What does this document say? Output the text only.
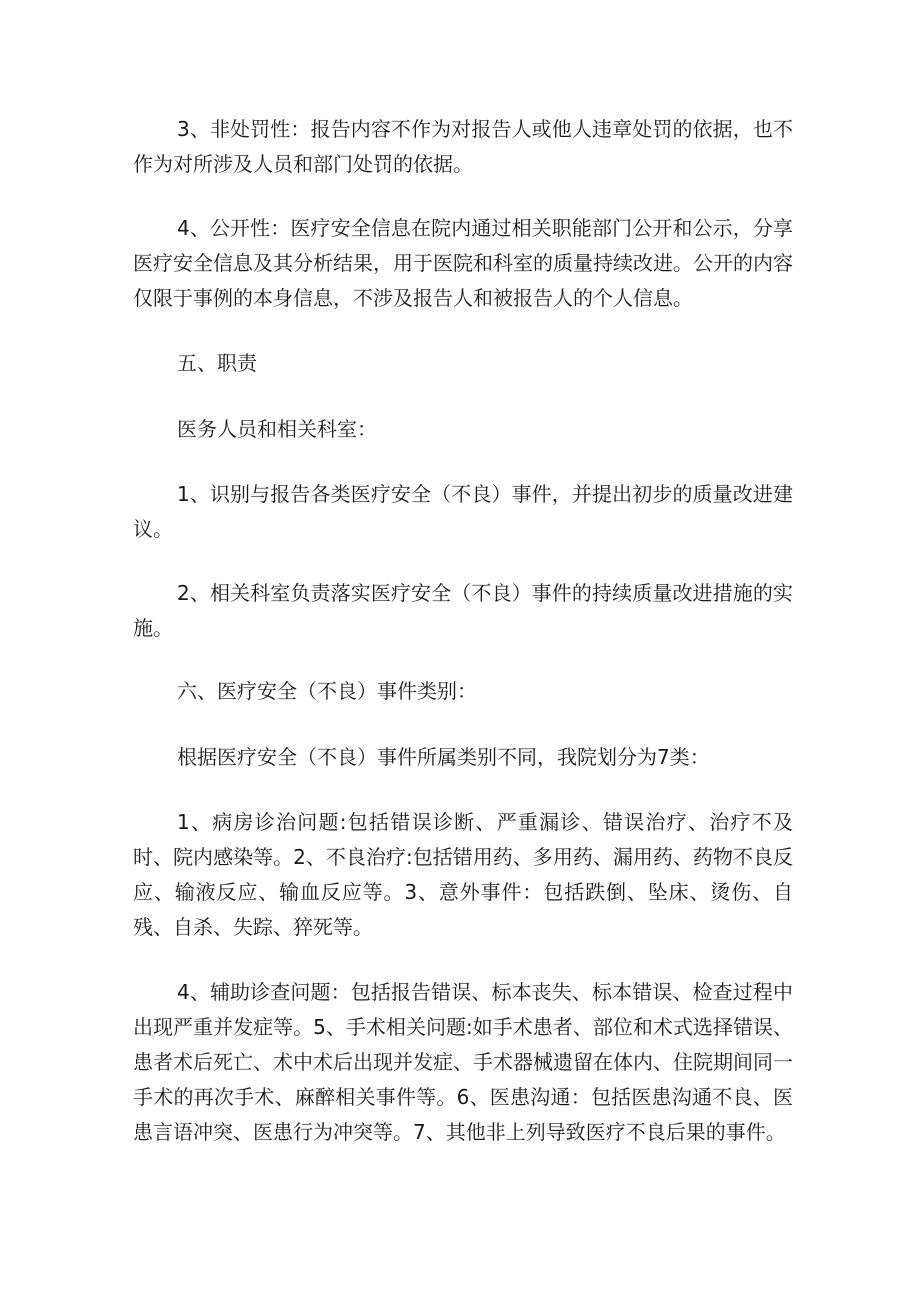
3、非处罚性：报告内容不作为对报告人或他人违章处罚的依据，也不作为对所涉及人员和部门处罚的依据。

4、公开性：医疗安全信息在院内通过相关职能部门公开和公示，分享医疗安全信息及其分析结果，用于医院和科室的质量持续改进。公开的内容仅限于事例的本身信息，不涉及报告人和被报告人的个人信息。

五、职责

医务人员和相关科室：

1、识别与报告各类医疗安全（不良）事件，并提出初步的质量改进建议。

2、相关科室负责落实医疗安全（不良）事件的持续质量改进措施的实施。

六、医疗安全（不良）事件类别：

根据医疗安全（不良）事件所属类别不同，我院划分为7类：

1、病房诊治问题:包括错误诊断、严重漏诊、错误治疗、治疗不及时、院内感染等。2、不良治疗:包括错用药、多用药、漏用药、药物不良反应、输液反应、输血反应等。3、意外事件：包括跌倒、坠床、烫伤、自残、自杀、失踪、猝死等。

4、辅助诊查问题：包括报告错误、标本丧失、标本错误、检查过程中出现严重并发症等。5、手术相关问题:如手术患者、部位和术式选择错误、患者术后死亡、术中术后出现并发症、手术器械遗留在体内、住院期间同一手术的再次手术、麻醉相关事件等。6、医患沟通：包括医患沟通不良、医患言语冲突、医患行为冲突等。7、其他非上列导致医疗不良后果的事件。
